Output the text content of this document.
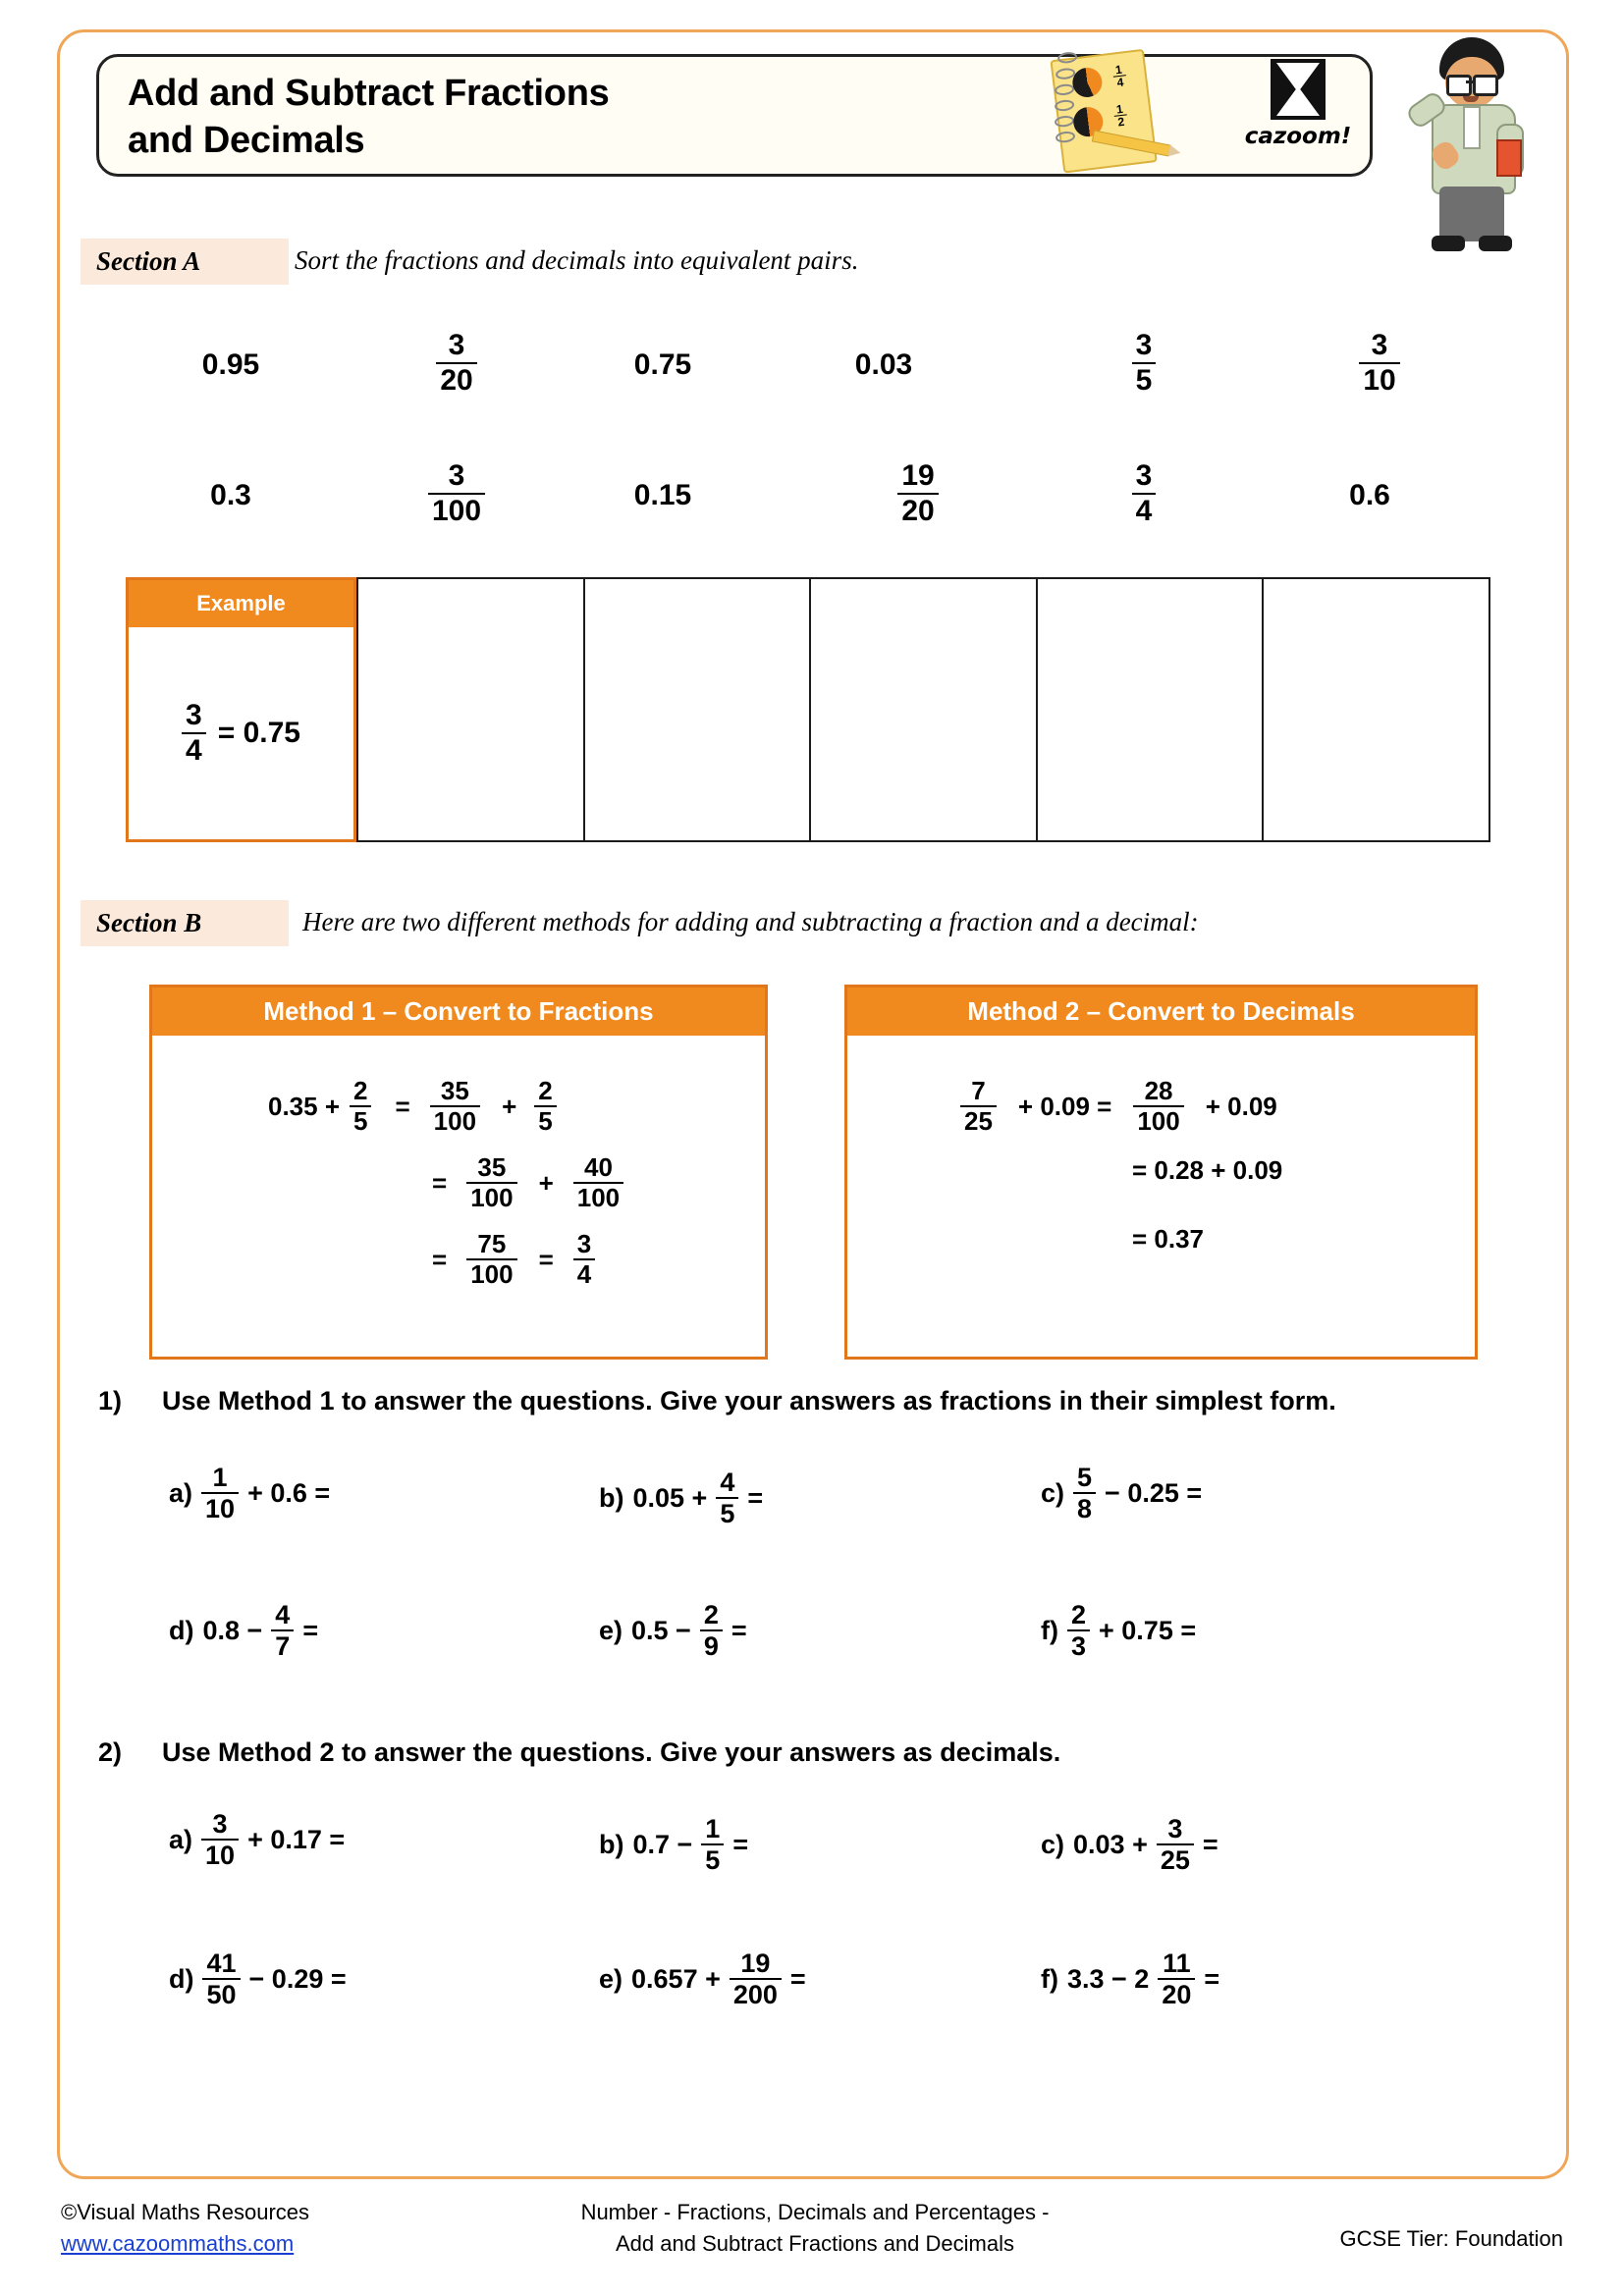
Add and Subtract Fractions
and Decimals
$\frac{1}{4}$
$\frac{1}{2}$
cazoom!
Section A	Sort the fractions and decimals into equivalent pairs.
0.95	$\frac{3}{20}$	0.75	0.03	$\frac{3}{5}$	$\frac{3}{10}$
0.3	$\frac{3}{100}$	0.15	$\frac{19}{20}$	$\frac{3}{4}$	0.6
Example
$\frac{3}{4} = 0.75$
Section B	Here are two different methods for adding and subtracting a fraction and a decimal:
Method 1 – Convert to Fractions
$0.35 + \frac{2}{5} = \frac{35}{100} + \frac{2}{5}$
= $\frac{35}{100} + \frac{40}{100}$
= $\frac{75}{100} = \frac{3}{4}$
Method 2 – Convert to Decimals
$\frac{7}{25} + 0.09 = \frac{28}{100} + 0.09$
= 0.28 + 0.09
= 0.37
1) Use Method 1 to answer the questions. Give your answers as fractions in their simplest form.
$a) \frac{1}{10} + 0.6$ =	b) $0.05 + \frac{4}{5}$ =	$c) \frac{5}{8} - 0.25$ =
d) $0.8 - \frac{4}{7}$ =	e) $0.5 - \frac{2}{9}$ =	$f) \frac{2}{3} + 0.75$ =
2) Use Method 2 to answer the questions. Give your answers as decimals.
$a) \frac{3}{10} + 0.17$ =	b) $0.7 - \frac{1}{5}$ =	c) $0.03 + \frac{3}{25}$ =
$d) \frac{41}{50} - 0.29$ =	e) $0.657 + \frac{19}{200}$ =	f) $3.3 - 2 \frac{11}{20}$ =
©Visual Maths Resources
www.cazoommaths.com
Number - Fractions, Decimals and Percentages -
Add and Subtract Fractions and Decimals	GCSE Tier: Foundation
